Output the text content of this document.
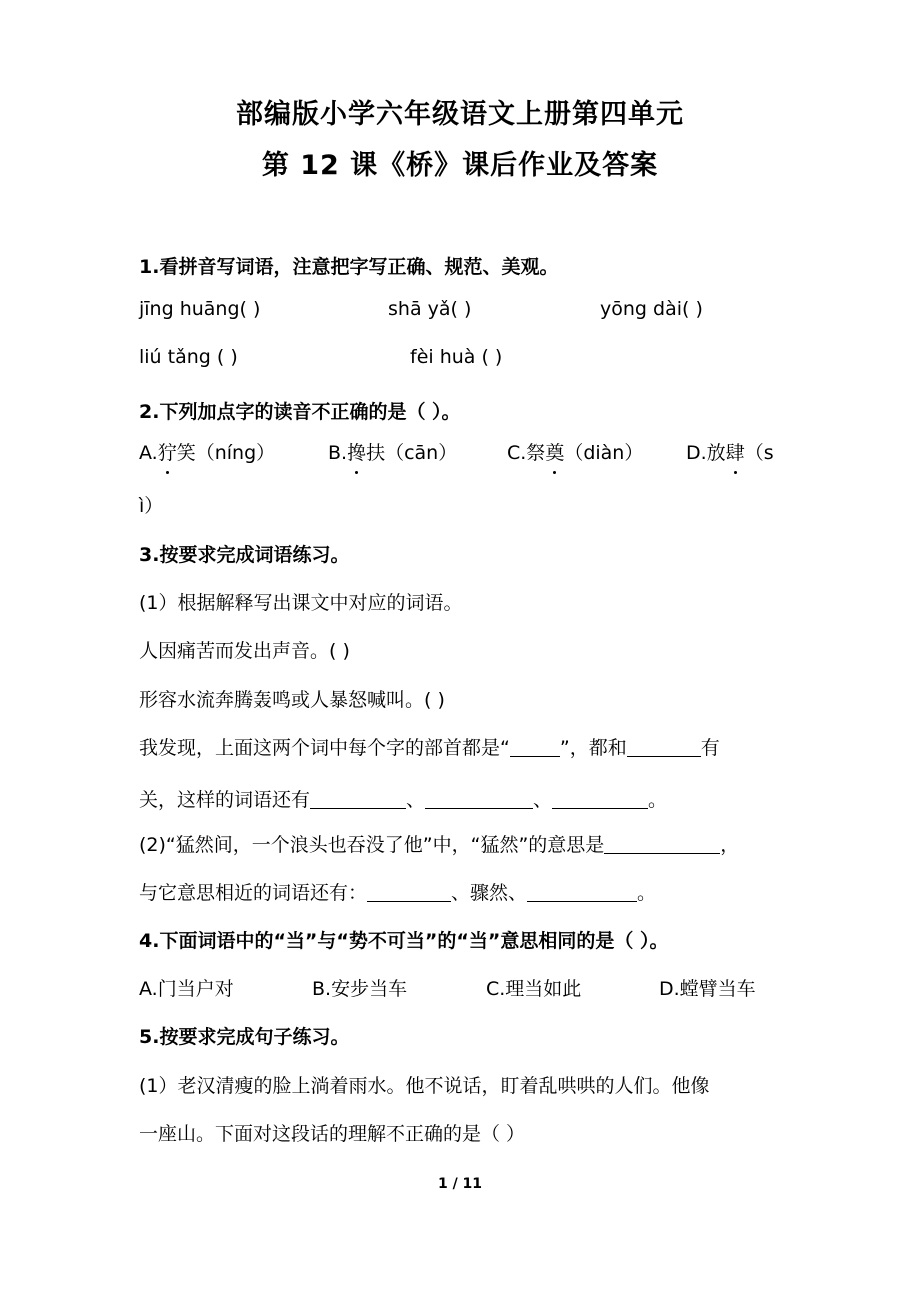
部编版小学六年级语文上册第四单元
第 12 课《桥》课后作业及答案
1.看拼音写词语，注意把字写正确、规范、美观。
jīng huāng( )	shā yǎ( )	yōng dài( )
liú tǎng ( )	fèi huà ( )
2.下列加点字的读音不正确的是（ ）。
A.狞笑（níng）	B.搀扶（cān）	C.祭奠（diàn） D.放肆（s
ì）
3.按要求完成词语练习。
(1）根据解释写出课文中对应的词语。
人因痛苦而发出声音。( )
形容水流奔腾轰鸣或人暴怒喊叫。( )
我发现，上面这两个词中每个字的部首都是“	”，都和	有
关，这样的词语还有	、	、	。
(2)“猛然间，一个浪头也吞没了他”中，“猛然”的意思是	，
与它意思相近的词语还有：	、骤然、	。
4.下面词语中的“当”与“势不可当”的“当”意思相同的是（ ）。
A.门当户对	B.安步当车	C.理当如此	D.螳臂当车
5.按要求完成句子练习。
(1）老汉清瘦的脸上淌着雨水。他不说话，盯着乱哄哄的人们。他像
一座山。下面对这段话的理解不正确的是（ ）
1 / 11
